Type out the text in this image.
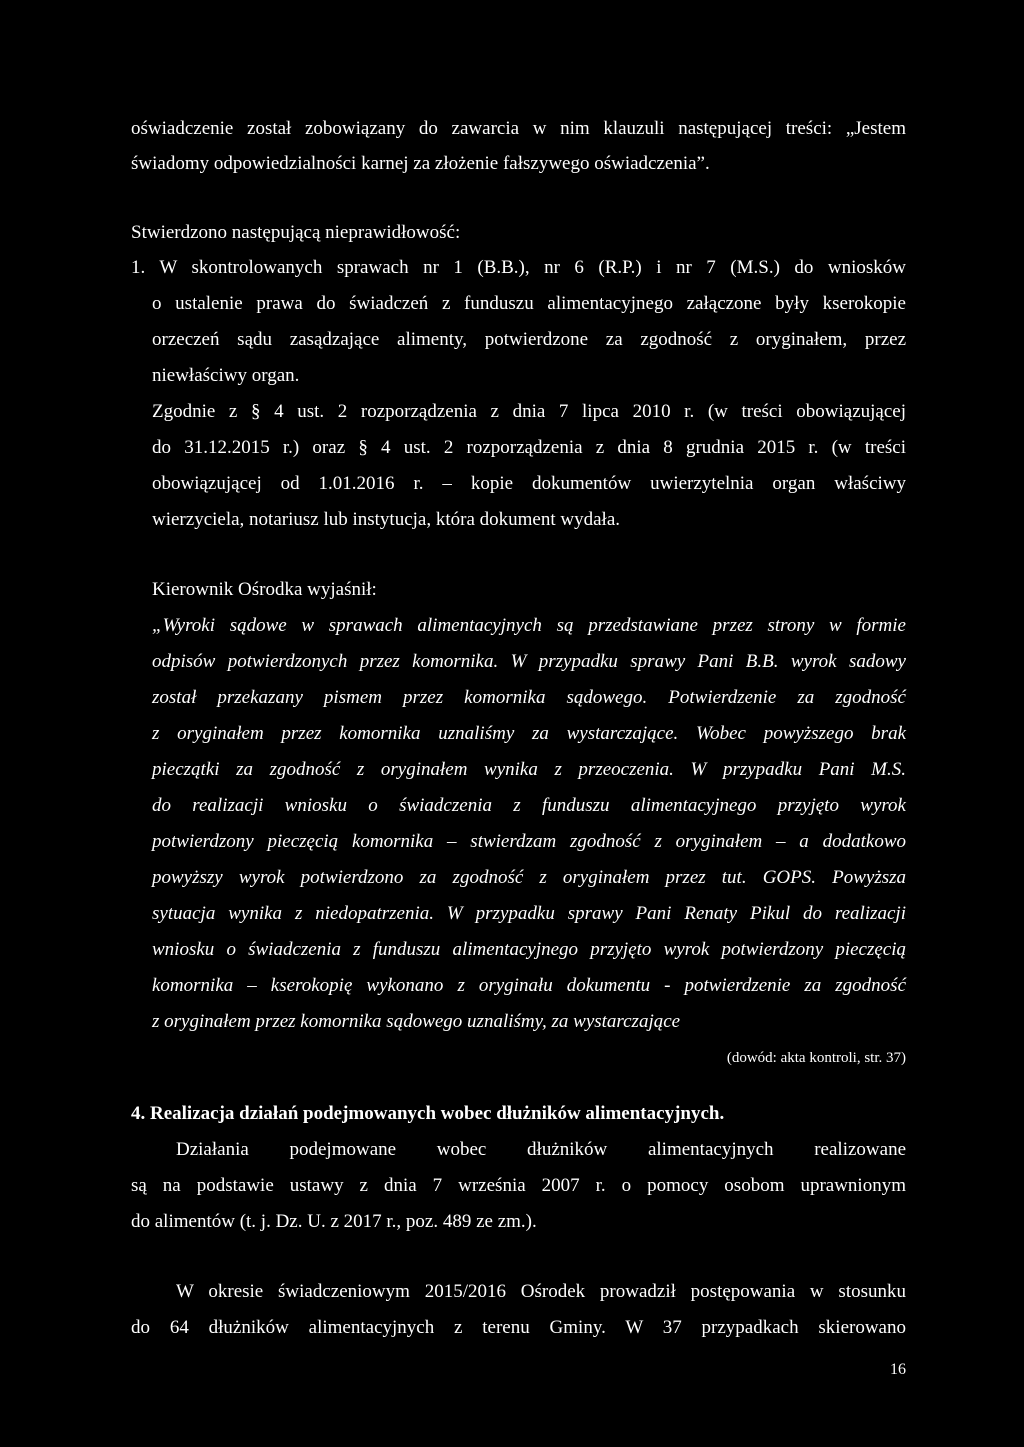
oświadczenie został zobowiązany do zawarcia w nim klauzuli następującej treści: „Jestem
świadomy odpowiedzialności karnej za złożenie fałszywego oświadczenia”.
Stwierdzono następującą nieprawidłowość:
1. W skontrolowanych sprawach nr 1 (B.B.), nr 6 (R.P.) i nr 7 (M.S.) do wniosków
o ustalenie prawa do świadczeń z funduszu alimentacyjnego załączone były kserokopie
orzeczeń sądu zasądzające alimenty, potwierdzone za zgodność z oryginałem, przez
niewłaściwy organ.
Zgodnie z § 4 ust. 2 rozporządzenia z dnia 7 lipca 2010 r. (w treści obowiązującej
do 31.12.2015 r.) oraz § 4 ust. 2 rozporządzenia z dnia 8 grudnia 2015 r. (w treści
obowiązującej od 1.01.2016 r. – kopie dokumentów uwierzytelnia organ właściwy
wierzyciela, notariusz lub instytucja, która dokument wydała.
Kierownik Ośrodka wyjaśnił:
„Wyroki sądowe w sprawach alimentacyjnych są przedstawiane przez strony w formie
odpisów potwierdzonych przez komornika. W przypadku sprawy Pani B.B. wyrok sadowy
został przekazany pismem przez komornika sądowego. Potwierdzenie za zgodność
z oryginałem przez komornika uznaliśmy za wystarczające. Wobec powyższego brak
pieczątki za zgodność z oryginałem wynika z przeoczenia. W przypadku Pani M.S.
do realizacji wniosku o świadczenia z funduszu alimentacyjnego przyjęto wyrok
potwierdzony pieczęcią komornika – stwierdzam zgodność z oryginałem – a dodatkowo
powyższy wyrok potwierdzono za zgodność z oryginałem przez tut. GOPS. Powyższa
sytuacja wynika z niedopatrzenia. W przypadku sprawy Pani Renaty Pikul do realizacji
wniosku o świadczenia z funduszu alimentacyjnego przyjęto wyrok potwierdzony pieczęcią
komornika – kserokopię wykonano z oryginału dokumentu - potwierdzenie za zgodność
z oryginałem przez komornika sądowego uznaliśmy, za wystarczające
(dowód: akta kontroli, str. 37)
4. Realizacja działań podejmowanych wobec dłużników alimentacyjnych.
Działania podejmowane wobec dłużników alimentacyjnych realizowane
są na podstawie ustawy z dnia 7 września 2007 r. o pomocy osobom uprawnionym
do alimentów (t. j. Dz. U. z 2017 r., poz. 489 ze zm.).
W okresie świadczeniowym 2015/2016 Ośrodek prowadził postępowania w stosunku
do 64 dłużników alimentacyjnych z terenu Gminy. W 37 przypadkach skierowano
16
